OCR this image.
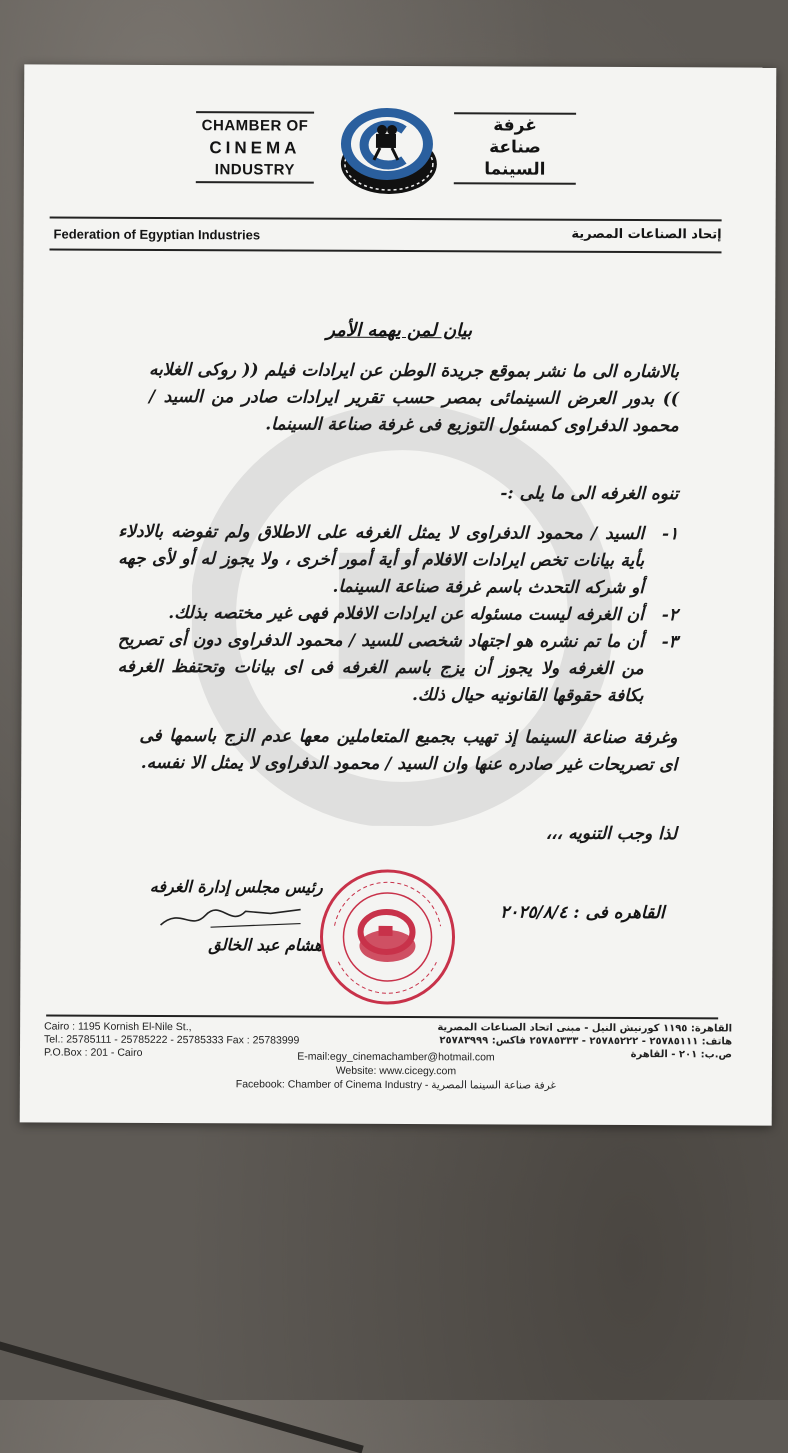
CHAMBER OF
CINEMA
INDUSTRY
غرفة
صناعة
السينما
Federation of Egyptian Industries	إتحاد الصناعات المصرية
بيان لمن يهمه الأمر
بالاشاره الى ما نشر بموقع جريدة الوطن عن ايرادات فيلم (( روكى الغلابه )) بدور العرض السينمائى بمصر حسب تقرير ايرادات صادر من السيد / محمود الدفراوى كمسئول التوزيع فى غرفة صناعة السينما.
تنوه الغرفه الى ما يلى :-
١-
السيد / محمود الدفراوى لا يمثل الغرفه على الاطلاق ولم تفوضه بالادلاء بأية بيانات تخص ايرادات الافلام أو أية أمور أخرى ، ولا يجوز له أو لأى جهه أو شركه التحدث باسم غرفة صناعة السينما.
٢-
أن الغرفه ليست مسئوله عن ايرادات الافلام فهى غير مختصه بذلك.
٣-
أن ما تم نشره هو اجتهاد شخصى للسيد / محمود الدفراوى دون أى تصريح من الغرفه ولا يجوز أن يزج باسم الغرفه فى اى بيانات وتحتفظ الغرفه بكافة حقوقها القانونيه حيال ذلك.
وغرفة صناعة السينما إذ تهيب بجميع المتعاملين معها عدم الزج باسمها فى اى تصريحات غير صادره عنها وان السيد / محمود الدفراوى لا يمثل الا نفسه.
لذا وجب التنويه ،،،
رئيس مجلس إدارة الغرفه
هشام عبد الخالق
القاهره فى : ٢٠٢٥/٨/٤
Cairo : 1195 Kornish El-Nile St.,
Tel.: 25785111 - 25785222 - 25785333 Fax : 25783999
P.O.Box : 201 - Cairo
القاهرة: ١١٩٥ كورنيش النيل - مبنى اتحاد الصناعات المصرية
هاتف: ٢٥٧٨٥١١١ - ٢٥٧٨٥٢٢٢ - ٢٥٧٨٥٣٣٣ فاكس: ٢٥٧٨٣٩٩٩
ص.ب: ٢٠١ - القاهرة
E-mail:egy_cinemachamber@hotmail.com
Website: www.cicegy.com
Facebook: Chamber of Cinema Industry - غرفة صناعة السينما المصرية
